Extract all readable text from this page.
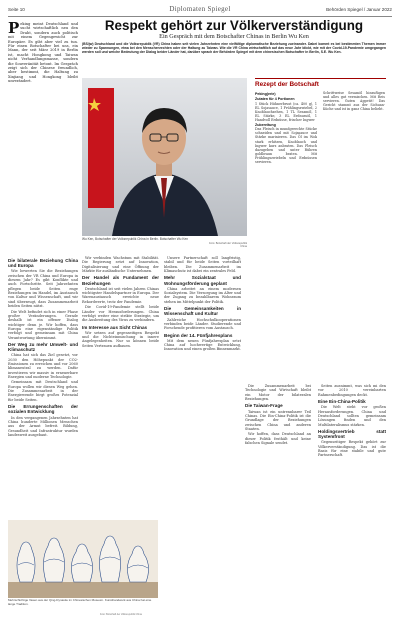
Seite 10	Diplomaten Spiegel	Behörden Spiegel / Januar 2022
P eking meint Deutschland und sucht wirtschaftlich neu den Draht, sondern auch politisch mit einem Gegengewicht zur Europäer. Es gibt aber viel zu tun. Für einen Botschafter bei uns, ein Mann, der seit März 2019 in Berlin ist, macht Hongkong und Taiwan nicht Verhandlungsmasse, sondern die Souveränität betont. Im Gespräch zeigt sich der Chinese freundlich, aber bestimmt, die Haltung zu Xinjiang und Hongkong bleibt unverändert.
Respekt gehört zur Völkerverständigung
Ein Gespräch mit dem Botschafter Chinas in Berlin Wu Ken
(BS/jw) Deutschland und die Volksrepublik (VR) China haben seit vielen Jahrzehnten eine vielfältige diplomatische Beziehung zueinander. Dabei kommt es bei bestimmten Themen immer wieder zu Spannungen, etwa bei den Menschenrechten oder der Haltung zu Taiwan. Wie die VR China wirtschaftlich auf das neue Jahr blickt, wie mit der Covid-19-Pandemie umgegangen werden soll und welche Bedeutung der Dialog beider Länder hat, darüber sprach der Behörden Spiegel mit dem chinesischen Botschafter in Berlin, S.E. Wu Ken.
Wu Ken, Botschafter der Volksrepublik China in Berlin. Botschafter Wu Ken
Foto: Botschaft der Volksrepublik China
Rezept der Botschaft
Peking(erie)
Zutaten für 4 Portionen

1 Stück Hühnerbrust (ca. 400 g), 1 EL Sojasauce, 1 Frühlingszwiebel, 2 Knoblauchzehen, 1 TL Sesamöl, 1 EL Stärke, 3 EL Erdnussöl, 1 Handvoll Erdnüsse, frischer Ingwer

Zubereitung

Das Fleisch in mundgerechte Stücke schneiden und mit Sojasauce und Stärke marinieren. Das Öl im Wok stark erhitzen, Knoblauch und Ingwer kurz anbraten. Das Fleisch dazugeben und unter Rühren goldbraun braten. Mit Frühlingszwiebeln und Erdnüssen servieren.

Schrittweise Sesamöl hinzufügen und alles gut vermischen. Mit Reis servieren. Guten Appetit! Das Gericht stammt aus der Sichuan-Küche und ist in ganz China beliebt.

Die bilaterale Beziehung China und Europa

Wie bewerten Sie die Beziehungen zwischen der VR China und Europa in diesem Jahr? Es gibt Konflikte und auch Fortschritte. Seit Jahrzehnten pflegen beide Seiten enge Beziehungen im Handel, im Austausch von Kultur und Wissenschaft, und wir sind überzeugt, dass Zusammenarbeit beiden Seiten nützt.

Die Welt befindet sich in einer Phase großer Veränderungen. Gerade deshalb ist ein offener Dialog wichtiger denn je. Wir hoffen, dass Europa eine eigenständige Politik verfolgt und gemeinsam mit China Verantwortung übernimmt.

Der Weg zu mehr Umwelt- und Klimaschutz

China hat sich das Ziel gesetzt, vor 2030 den Höhepunkt der CO2-Emissionen zu erreichen und vor 2060 klimaneutral zu werden. Dafür investieren wir massiv in erneuerbare Energien und moderne Technologie.

Gemeinsam mit Deutschland und Europa wollen wir diesen Weg gehen. Die Zusammenarbeit in der Energiewende birgt großes Potenzial für beide Seiten.

Die Errungenschaften der sozialen Entwicklung

In den vergangenen Jahrzehnten hat China hunderte Millionen Menschen aus der Armut befreit. Bildung, Gesundheit und Infrastruktur wurden landesweit ausgebaut.

Wir verbinden Wachstum mit Stabilität. Die Regierung setzt auf Innovation, Digitalisierung und eine Öffnung der Märkte für ausländische Unternehmen.

Der Handel als Fundament der Beziehungen

Deutschland ist seit vielen Jahren Chinas wichtigster Handelspartner in Europa. Der Warenaustausch erreichte neue Rekordwerte, trotz der Pandemie.

Die Covid-19-Pandemie stellt beide Länder vor Herausforderungen. China verfolgt weiter eine strikte Strategie, um die Ausbreitung des Virus zu verhindern.

Im Interesse aus Sicht Chinas

Wir setzen auf gegenseitigen Respekt und die Nichteinmischung in innere Angelegenheiten. Nur so können beide Seiten Vertrauen aufbauen.

Unsere Partnerschaft soll langfristig, stabil und für beide Seiten vorteilhaft bleiben. Die Zusammenarbeit im Klimaschutz ist dabei ein zentrales Feld.

Mehr Sozialstaat und Wohnungsförderung geplant

China arbeitet an einem modernen Sozialsystem. Die Versorgung im Alter und der Zugang zu bezahlbarem Wohnraum stehen im Mittelpunkt der Politik.

Die Gemeinsamkeiten in Wissenschaft und Kultur

Zahlreiche Hochschulkooperationen verbinden beide Länder. Studierende und Forschende profitieren vom Austausch.

Beginn der 14. Fünfjahresplans

Mit dem neuen Fünfjahresplan setzt China auf hochwertige Entwicklung, Innovation und einen großen Binnenmarkt.

Die Zusammenarbeit bei Technologie und Wirtschaft bleibt ein Motor der bilateralen Beziehungen.

Die Taiwan-Frage

Taiwan ist ein untrennbarer Teil Chinas. Die Ein-China-Politik ist die Grundlage der Beziehungen zwischen China und anderen Staaten.

Wir hoffen, dass Deutschland an dieser Politik festhält und keine falschen Signale sendet.

Seiten ausnimmt, was sich mi den vor 2010 vereinbarten Rahmenbedingungen deckt.

Eine Ein-China-Politik

Die Welt steht vor großen Herausforderungen. China und Deutschland sollten gemeinsam Lösungen finden und den Multilateralismus stärken.

Holdingsvertrieb statt Systemfront

Gegenseitiger Respekt gehört zur Völkerverständigung. Das ist die Basis für eine stabile und gute Partnerschaft.

Mehrschichtige Vasen aus der Qing-Dynastie im Chinesischen Museum. Kunsthandwerk aus China hat eine lange Tradition.
Foto: Botschaft der Volksrepublik China
